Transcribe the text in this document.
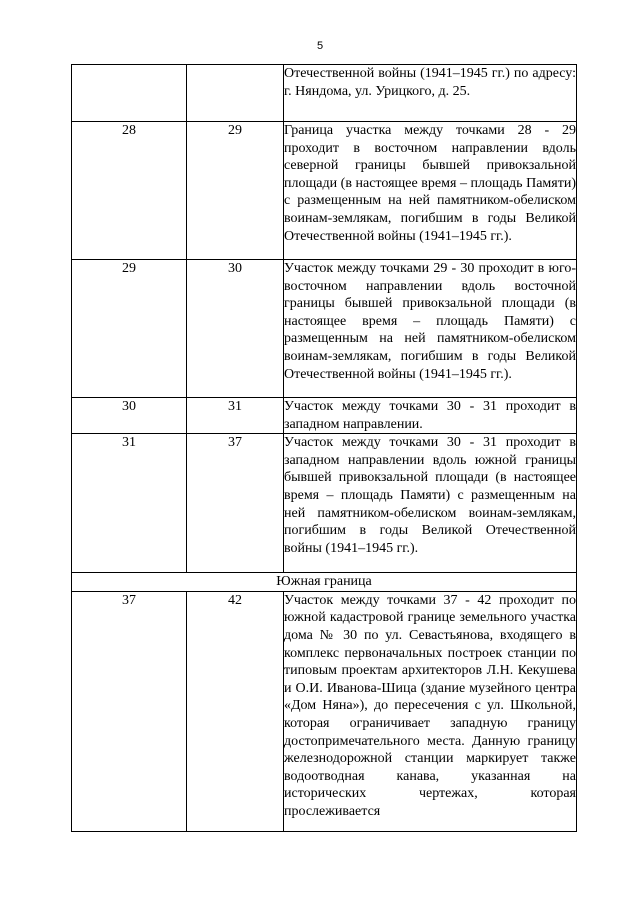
5
		Отечественной войны (1941–1945 гг.) по адресу: г. Няндома, ул. Урицкого, д. 25.
28	29	Граница участка между точками 28 - 29 проходит в восточном направлении вдоль северной границы бывшей привокзальной площади (в настоящее время – площадь Памяти) с размещенным на ней памятником-обелиском воинам-землякам, погибшим в годы Великой Отечественной войны (1941–1945 гг.).
29	30	Участок между точками 29 - 30 проходит в юго-восточном направлении вдоль восточной границы бывшей привокзальной площади (в настоящее время – площадь Памяти) с размещенным на ней памятником-обелиском воинам-землякам, погибшим в годы Великой Отечественной войны (1941–1945 гг.).
30	31	Участок между точками 30 - 31 проходит в западном направлении.
31	37	Участок между точками 30 - 31 проходит в западном направлении вдоль южной границы бывшей привокзальной площади (в настоящее время – площадь Памяти) с размещенным на ней памятником-обелиском воинам-землякам, погибшим в годы Великой Отечественной войны (1941–1945 гг.).
Южная граница		
37	42	Участок между точками 37 - 42 проходит по южной кадастровой границе земельного участка дома № 30 по ул. Севастьянова, входящего в комплекс первоначальных построек станции по типовым проектам архитекторов Л.Н. Кекушева и О.И. Иванова-Шица (здание музейного центра «Дом Няна»), до пересечения с ул. Школьной, которая ограничивает западную границу достопримечательного места. Данную границу железнодорожной станции маркирует также водоотводная канава, указанная на исторических чертежах, которая прослеживается
